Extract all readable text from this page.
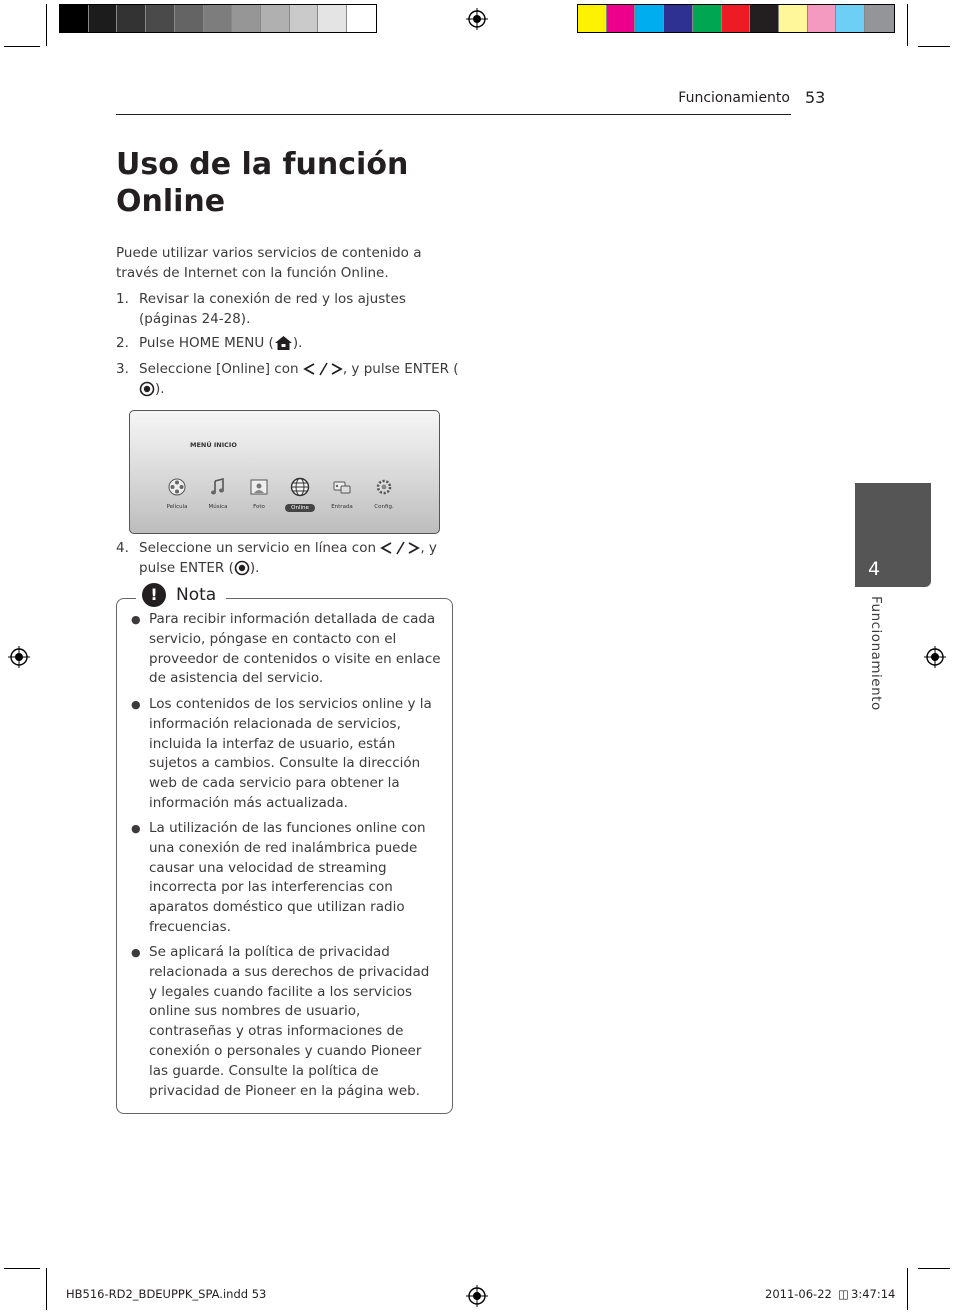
Funcionamiento 53
Uso de la función Online
Puede utilizar varios servicios de contenido a través de Internet con la función Online.
1. Revisar la conexión de red y los ajustes (páginas 24-28).
2. Pulse HOME MENU ( ).
3. Seleccione [Online] con	, y pulse ENTER ().
MENÚ INICIO
Película	Música	Foto	Online	Entrada	Config.
4. Seleccione un servicio en línea con	, y pulse ENTER ( ).
!	Nota
● Para recibir información detallada de cada servicio, póngase en contacto con el proveedor de contenidos o visite en enlace de asistencia del servicio.
● Los contenidos de los servicios online y la información relacionada de servicios, incluida la interfaz de usuario, están sujetos a cambios. Consulte la dirección web de cada servicio para obtener la información más actualizada.
● La utilización de las funciones online con una conexión de red inalámbrica puede causar una velocidad de streaming incorrecta por las interferencias con aparatos doméstico que utilizan radio frecuencias.
● Se aplicará la política de privacidad relacionada a sus derechos de privacidad y legales cuando facilite a los servicios online sus nombres de usuario, contraseñas y otras informaciones de conexión o personales y cuando Pioneer las guarde. Consulte la política de privacidad de Pioneer en la página web.
4
Funcionamiento
HB516-RD2_BDEUPPK_SPA.indd 53	2011-06-22 ◫ 3:47:14
